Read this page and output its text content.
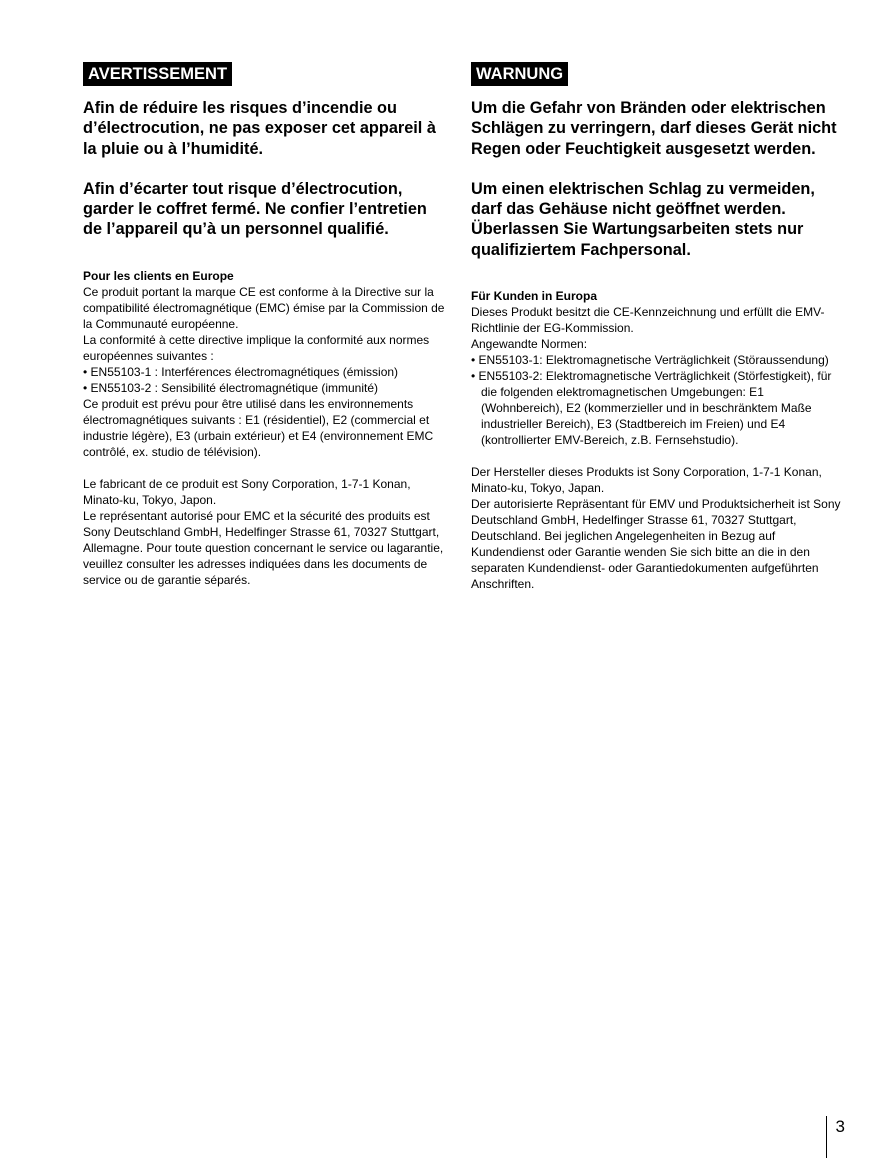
AVERTISSEMENT

Afin de réduire les risques d’incendie ou d’électrocution, ne pas exposer cet appareil à la pluie ou à l’humidité.

Afin d’écarter tout risque d’électrocution, garder le coffret fermé. Ne confier l’entretien de l’appareil qu’à un personnel qualifié.

Pour les clients en Europe

Ce produit portant la marque CE est conforme à la Directive sur la compatibilité électromagnétique (EMC) émise par la Commission de la Communauté européenne.

La conformité à cette directive implique la conformité aux normes européennes suivantes :

• EN55103-1 : Interférences électromagnétiques (émission)

• EN55103-2 : Sensibilité électromagnétique (immunité)

Ce produit est prévu pour être utilisé dans les environnements électromagnétiques suivants : E1 (résidentiel), E2 (commercial et industrie légère), E3 (urbain extérieur) et E4 (environnement EMC contrôlé, ex. studio de télévision).

Le fabricant de ce produit est Sony Corporation, 1-7-1 Konan, Minato-ku, Tokyo, Japon.

Le représentant autorisé pour EMC et la sécurité des produits est Sony Deutschland GmbH, Hedelfinger Strasse 61, 70327 Stuttgart, Allemagne. Pour toute question concernant le service ou lagarantie, veuillez consulter les adresses indiquées dans les documents de service ou de garantie séparés.

WARNUNG

Um die Gefahr von Bränden oder elektrischen Schlägen zu verringern, darf dieses Gerät nicht Regen oder Feuchtigkeit ausgesetzt werden.

Um einen elektrischen Schlag zu vermeiden, darf das Gehäuse nicht geöffnet werden. Überlassen Sie Wartungsarbeiten stets nur qualifiziertem Fachpersonal.

Für Kunden in Europa

Dieses Produkt besitzt die CE-Kennzeichnung und erfüllt die EMV-Richtlinie der EG-Kommission.

Angewandte Normen:

• EN55103-1: Elektromagnetische Verträglichkeit (Störaussendung)

• EN55103-2: Elektromagnetische Verträglichkeit (Störfestigkeit), für die folgenden elektromagnetischen Umgebungen: E1 (Wohnbereich), E2 (kommerzieller und in beschränktem Maße industrieller Bereich), E3 (Stadtbereich im Freien) und E4 (kontrollierter EMV-Bereich, z.B. Fernsehstudio).

Der Hersteller dieses Produkts ist Sony Corporation, 1-7-1 Konan, Minato-ku, Tokyo, Japan.

Der autorisierte Repräsentant für EMV und Produktsicherheit ist Sony Deutschland GmbH, Hedelfinger Strasse 61, 70327 Stuttgart, Deutschland. Bei jeglichen Angelegenheiten in Bezug auf Kundendienst oder Garantie wenden Sie sich bitte an die in den separaten Kundendienst- oder Garantiedokumenten aufgeführten Anschriften.

3
